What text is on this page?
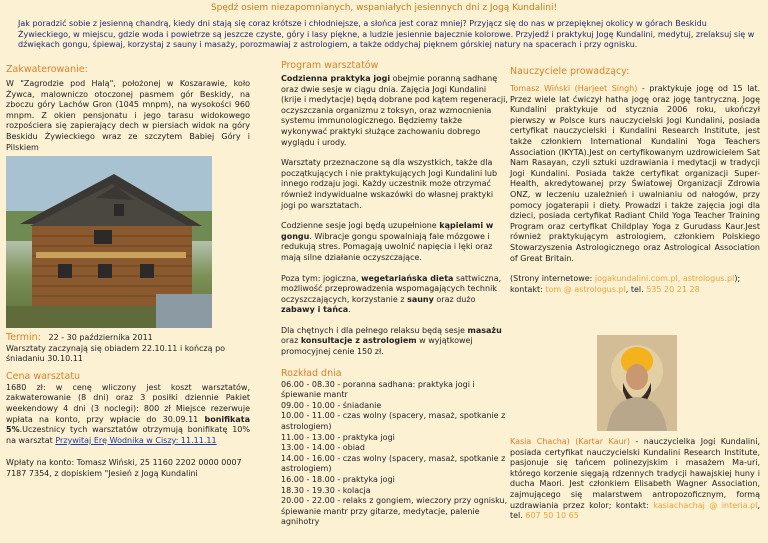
Spędź osiem niezapomnianych, wspaniałych jesiennych dni z Jogą Kundalini!
Jak poradzić sobie z jesienną chandrą, kiedy dni stają się coraz krótsze i chłodniejsze, a słońca jest coraz mniej? Przyjącz się do nas w przepięknej okolicy w górach Beskidu Żywieckiego, w miejscu, gdzie woda i powietrze są jeszcze czyste, góry i lasy piękne, a ludzie jesiennie bajecznie kolorowe. Przyjedź i praktykuj Jogę Kundalini, medytuj, zrelaksuj się w dźwiękach gongu, śpiewaj, korzystaj z sauny i masaży, porozmawiaj z astrologiem, a także oddychaj pięknem górskiej natury na spacerach i przy ognisku.

Zakwaterowanie:

W "Zagrodzie pod Halą", położonej w Koszarawie, koło Żywca, malowniczo otoczonej pasmem gór Beskidy, na zboczu góry Lachów Gron (1045 mnpm), na wysokości 960 mnpm. Z okien pensjonatu i jego tarasu widokowego rozpościera się zapierający dech w piersiach widok na góry Beskidu Żywieckiego wraz ze szczytem Babiej Góry i Pilskiem

Termin: 22 - 30 października 2011

Warsztaty zaczynają się obiadem 22.10.11 i kończą po śniadaniu 30.10.11

Cena warsztatu

1680 zł: w cenę wliczony jest koszt warsztatów, zakwaterowanie (8 dni) oraz 3 posiłki dziennie Pakiet weekendowy 4 dni (3 noclegi): 800 zł Miejsce rezerwuje wpłata na konto, przy wpłacie do 30.09.11 bonifikata 5%.Uczestnicy tych warsztatów otrzymują bonifikatę 10% na warsztat Przywitaj Erę Wodnika w Ciszy: 11.11.11

Wpłaty na konto: Tomasz Wiński, 25 1160 2202 0000 0007 7187 7354, z dopiskiem "Jesień z Jogą Kundalini

Program warsztatów

Codzienna praktyka jogi obejmie poranną sadhanę oraz dwie sesje w ciągu dnia. Zajęcia Jogi Kundalini (krije i medytacje) będą dobrane pod kątem regeneracji, oczyszczania organizmu z toksyn, oraz wzmocnienia systemu immunologicznego. Będziemy także wykonywać praktyki służące zachowaniu dobrego wyglądu i urody.

Warsztaty przeznaczone są dla wszystkich, także dla początkujących i nie praktykujących Jogi Kundalini lub innego rodzaju jogi. Każdy uczestnik może otrzymać również indywidualne wskazówki do własnej praktyki jogi po warsztatach.

Codzienne sesje jogi będą uzupełnione kąpielami w gongu. Wibracje gongu spowalniają fale mózgowe i redukują stres. Pomagają uwolnić napięcia i lęki oraz mają silne działanie oczyszczające.

Poza tym: jogiczna, wegetariańska dieta sattwiczna, możliwość przeprowadzenia wspomagających technik oczyszczających, korzystanie z sauny oraz dużo zabawy i tańca.

Dla chętnych i dla pełnego relaksu będą sesje masażu oraz konsultacje z astrologiem w wyjątkowej promocyjnej cenie 150 zł.

Rozkład dnia

06.00 - 08.30 - poranna sadhana: praktyka jogi i śpiewanie mantr
09.00 - 10.00 - śniadanie
10.00 - 11.00 - czas wolny (spacery, masaż, spotkanie z astrologiem)
11.00 - 13.00 - praktyka jogi
13.00 - 14.00 - obiad
14.00 - 16.00 - czas wolny (spacery, masaż, spotkanie z astrologiem)
16.00 - 18.00 - praktyka jogi
18.30 - 19.30 - kolacja
20.00 - 22.00 - relaks z gongiem, wieczory przy ognisku, śpiewanie mantr przy gitarze, medytacje, palenie agnihotry

Nauczyciele prowadzący:

Tomasz Wiński (Harjeet Singh) - praktykuje jogę od 15 lat. Przez wiele lat ćwiczył hatha jogę oraz jogę tantryczną. Jogę Kundalini praktykuje od stycznia 2006 roku, ukończył pierwszy w Polsce kurs nauczycielski Jogi Kundalini, posiada certyfikat nauczycielski i Kundalini Research Institute, jest także członkiem International Kundalini Yoga Teachers Association (IKYTA).Jest on certyfikowanym uzdrowicielem Sat Nam Rasayan, czyli sztuki uzdrawiania i medytacji w tradycji Jogi Kundalini. Posiada także certyfikat organizacji Super-Health, akredytowanej przy Światowej Organizacji Zdrowia ONZ, w leczeniu uzależnień i uwalnianiu od nałogów, przy pomocy jogaterapii i diety. Prowadzi i także zajęcia jogi dla dzieci, posiada certyfikat Radiant Child Yoga Teacher Training Program oraz certyfikat Childplay Yoga z Gurudass Kaur.Jest również praktykującym astrologiem, członkiem Polskiego Stowarzyszenia Astrologicznego oraz Astrological Association of Great Britain.

(Strony internetowe: jogakundalini.com.pl, astrologus.pl); kontakt: tom @ astrologus.pl, tel. 535 20 21 28

Kasia Chacha) (Kartar Kaur) - nauczycielka Jogi Kundalini, posiada certyfikat nauczycielski Kundalini Research Institute, pasjonuje się tańcem polinezyjskim i masażem Ma-uri, którego korzenie sięgają rdzennych tradycji hawajskiej huny i ducha Maori. Jest członkiem Elisabeth Wagner Association, zajmującego się malarstwem antropozoficznym, formą uzdrawiania przez kolor; kontakt: kasiachachaj @ interia.pl, tel. 607 50 10 65
